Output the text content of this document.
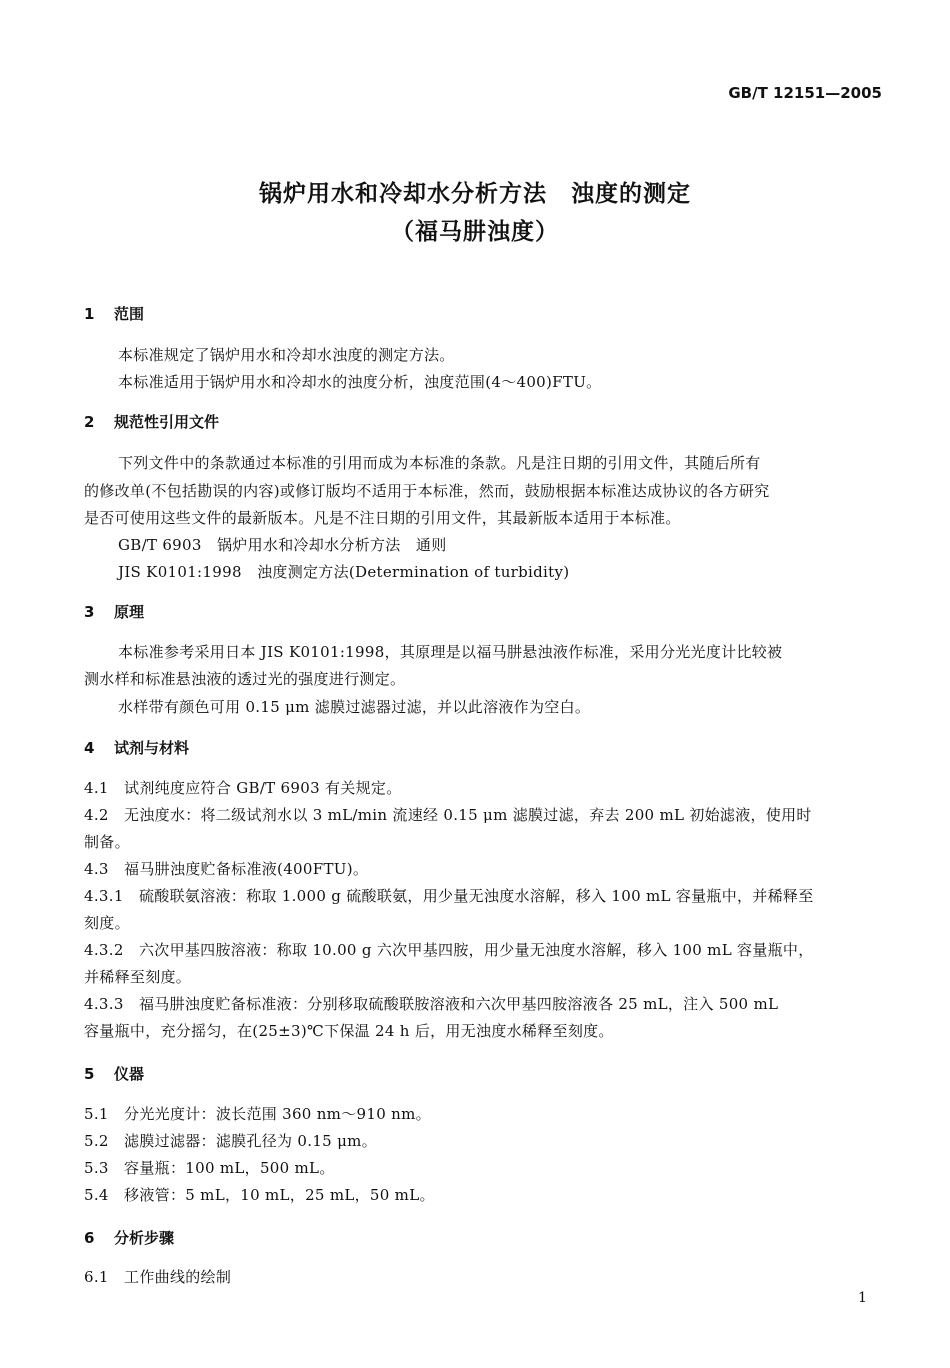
GB/T 12151—2005
锅炉用水和冷却水分析方法　浊度的测定
（福马肼浊度）
1 范围
本标准规定了锅炉用水和冷却水浊度的测定方法。
本标准适用于锅炉用水和冷却水的浊度分析，浊度范围(4～400)FTU。
2 规范性引用文件
下列文件中的条款通过本标准的引用而成为本标准的条款。凡是注日期的引用文件，其随后所有
的修改单(不包括勘误的内容)或修订版均不适用于本标准，然而，鼓励根据本标准达成协议的各方研究
是否可使用这些文件的最新版本。凡是不注日期的引用文件，其最新版本适用于本标准。
GB/T 6903　锅炉用水和冷却水分析方法　通则
JIS K0101:1998　浊度测定方法(Determination of turbidity)
3 原理
本标准参考采用日本 JIS K0101:1998，其原理是以福马肼悬浊液作标准，采用分光光度计比较被
测水样和标准悬浊液的透过光的强度进行测定。
水样带有颜色可用 0.15 μm 滤膜过滤器过滤，并以此溶液作为空白。
4 试剂与材料
4.1　试剂纯度应符合 GB/T 6903 有关规定。
4.2　无浊度水：将二级试剂水以 3 mL/min 流速经 0.15 μm 滤膜过滤，弃去 200 mL 初始滤液，使用时
制备。
4.3　福马肼浊度贮备标准液(400FTU)。
4.3.1　硫酸联氨溶液：称取 1.000 g 硫酸联氨，用少量无浊度水溶解，移入 100 mL 容量瓶中，并稀释至
刻度。
4.3.2　六次甲基四胺溶液：称取 10.00 g 六次甲基四胺，用少量无浊度水溶解，移入 100 mL 容量瓶中，
并稀释至刻度。
4.3.3　福马肼浊度贮备标准液：分别移取硫酸联胺溶液和六次甲基四胺溶液各 25 mL，注入 500 mL
容量瓶中，充分摇匀，在(25±3)℃下保温 24 h 后，用无浊度水稀释至刻度。
5 仪器
5.1　分光光度计：波长范围 360 nm～910 nm。
5.2　滤膜过滤器：滤膜孔径为 0.15 μm。
5.3　容量瓶：100 mL，500 mL。
5.4　移液管：5 mL，10 mL，25 mL，50 mL。
6 分析步骤
6.1　工作曲线的绘制
1
